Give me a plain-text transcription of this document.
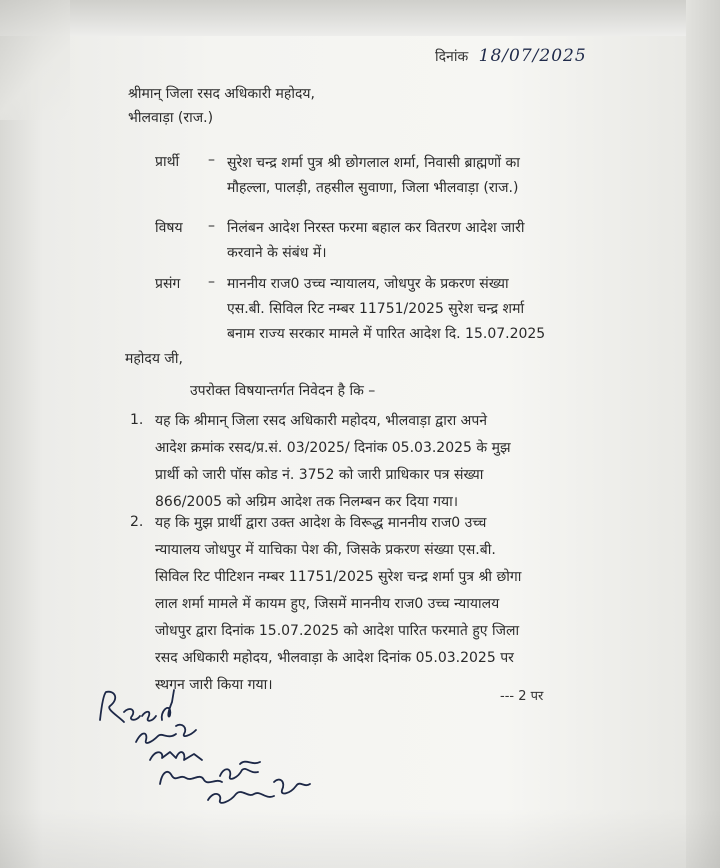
दिनांक 18/07/2025
श्रीमान् जिला रसद अधिकारी महोदय,
भीलवाड़ा (राज.)
प्रार्थी – सुरेश चन्द्र शर्मा पुत्र श्री छोगलाल शर्मा, निवासी ब्राह्मणों का
मौहल्ला, पालड़ी, तहसील सुवाणा, जिला भीलवाड़ा (राज.)
विषय – निलंबन आदेश निरस्त फरमा बहाल कर वितरण आदेश जारी
करवाने के संबंध में।
प्रसंग – माननीय राज0 उच्च न्यायालय, जोधपुर के प्रकरण संख्या
एस.बी. सिविल रिट नम्बर 11751/2025 सुरेश चन्द्र शर्मा
बनाम राज्य सरकार मामले में पारित आदेश दि. 15.07.2025
महोदय जी,
उपरोक्त विषयान्तर्गत निवेदन है कि –
1. यह कि श्रीमान् जिला रसद अधिकारी महोदय, भीलवाड़ा द्वारा अपने
आदेश क्रमांक रसद/प्र.सं. 03/2025/ दिनांक 05.03.2025 के मुझ
प्रार्थी को जारी पॉस कोड नं. 3752 को जारी प्राधिकार पत्र संख्या
866/2005 को अग्रिम आदेश तक निलम्बन कर दिया गया।
2. यह कि मुझ प्रार्थी द्वारा उक्त आदेश के विरूद्ध माननीय राज0 उच्च
न्यायालय जोधपुर में याचिका पेश की, जिसके प्रकरण संख्या एस.बी.
सिविल रिट पीटिशन नम्बर 11751/2025 सुरेश चन्द्र शर्मा पुत्र श्री छोगा
लाल शर्मा मामले में कायम हुए, जिसमें माननीय राज0 उच्च न्यायालय
जोधपुर द्वारा दिनांक 15.07.2025 को आदेश पारित फरमाते हुए जिला
रसद अधिकारी महोदय, भीलवाड़ा के आदेश दिनांक 05.03.2025 पर
स्थगन जारी किया गया।
--- 2 पर
